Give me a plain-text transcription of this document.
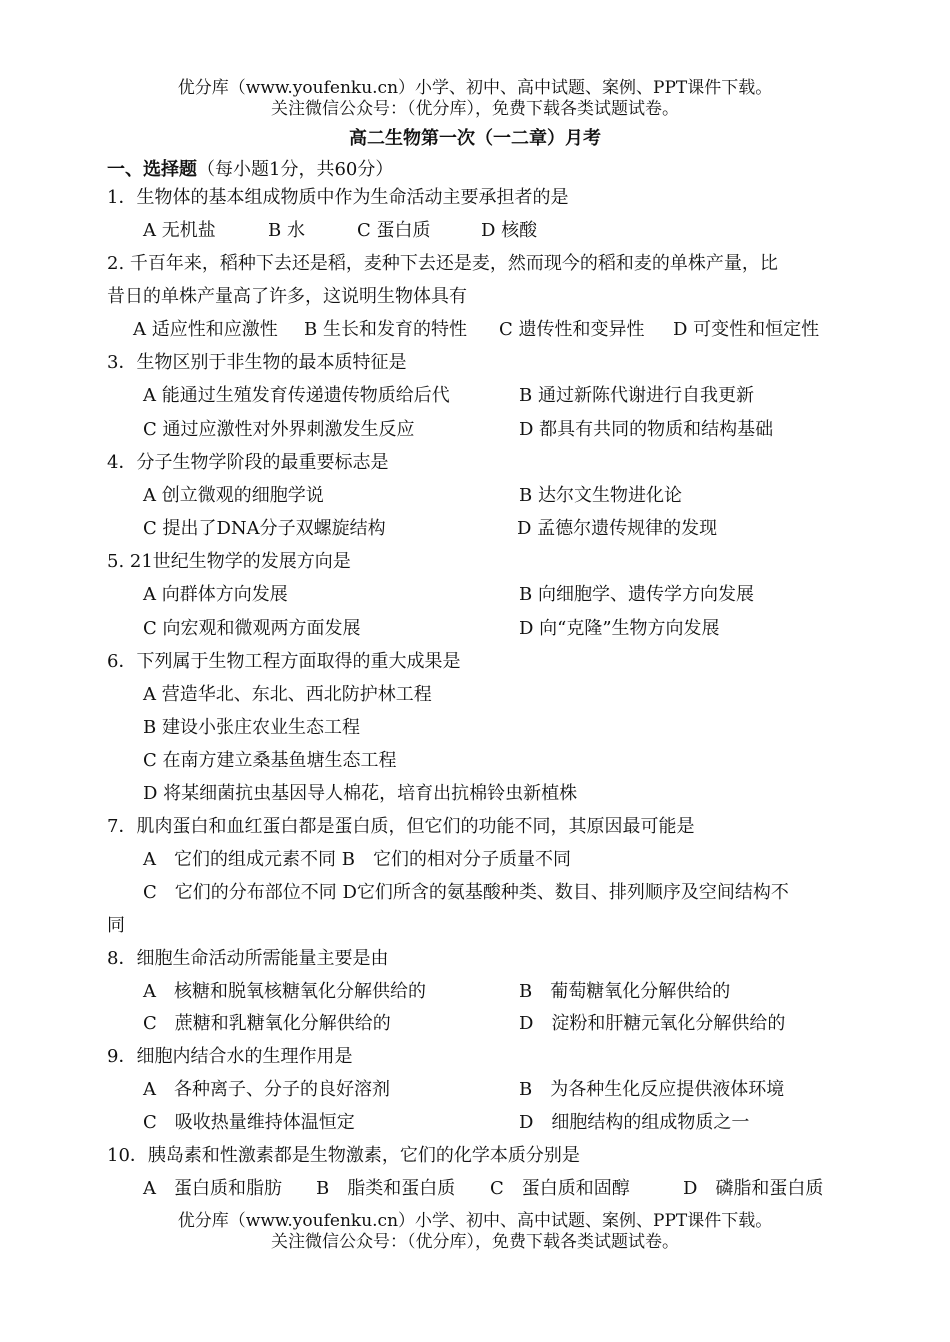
优分库（www.youfenku.cn）小学、初中、高中试题、案例、PPT课件下载。
关注微信公众号：（优分库），免费下载各类试题试卷。
高二生物第一次（一二章）月考
一、选择题（每小题1分，共60分）
1．生物体的基本组成物质中作为生命活动主要承担者的是
A 无机盐	B 水	C 蛋白质	D 核酸
2. 千百年来，稻种下去还是稻，麦种下去还是麦，然而现今的稻和麦的单株产量，比
昔日的单株产量高了许多，这说明生物体具有
A 适应性和应激性 B 生长和发育的特性 C 遗传性和变异性 D 可变性和恒定性
3．生物区别于非生物的最本质特征是
A 能通过生殖发育传递遗传物质给后代	B 通过新陈代谢进行自我更新
C 通过应激性对外界刺激发生反应	D 都具有共同的物质和结构基础
4．分子生物学阶段的最重要标志是
A 创立微观的细胞学说	B 达尔文生物进化论
C 提出了DNA分子双螺旋结构	D 孟德尔遗传规律的发现
5. 21世纪生物学的发展方向是
A 向群体方向发展	B 向细胞学、遗传学方向发展
C 向宏观和微观两方面发展	D 向“克隆”生物方向发展
6．下列属于生物工程方面取得的重大成果是
A 营造华北、东北、西北防护林工程
B 建设小张庄农业生态工程
C 在南方建立桑基鱼塘生态工程
D 将某细菌抗虫基因导人棉花，培育出抗棉铃虫新植株
7．肌肉蛋白和血红蛋白都是蛋白质，但它们的功能不同，其原因最可能是
A　它们的组成元素不同 B　它们的相对分子质量不同
C　它们的分布部位不同 D它们所含的氨基酸种类、数目、排列顺序及空间结构不
同
8．细胞生命活动所需能量主要是由
A　核糖和脱氧核糖氧化分解供给的	B　葡萄糖氧化分解供给的
C　蔗糖和乳糖氧化分解供给的	D　淀粉和肝糖元氧化分解供给的
9．细胞内结合水的生理作用是
A　各种离子、分子的良好溶剂	B　为各种生化反应提供液体环境
C　吸收热量维持体温恒定	D　细胞结构的组成物质之一
10．胰岛素和性激素都是生物激素，它们的化学本质分别是
A　蛋白质和脂肪 B　脂类和蛋白质 C　蛋白质和固醇	D　磷脂和蛋白质
优分库（www.youfenku.cn）小学、初中、高中试题、案例、PPT课件下载。
关注微信公众号：（优分库），免费下载各类试题试卷。
